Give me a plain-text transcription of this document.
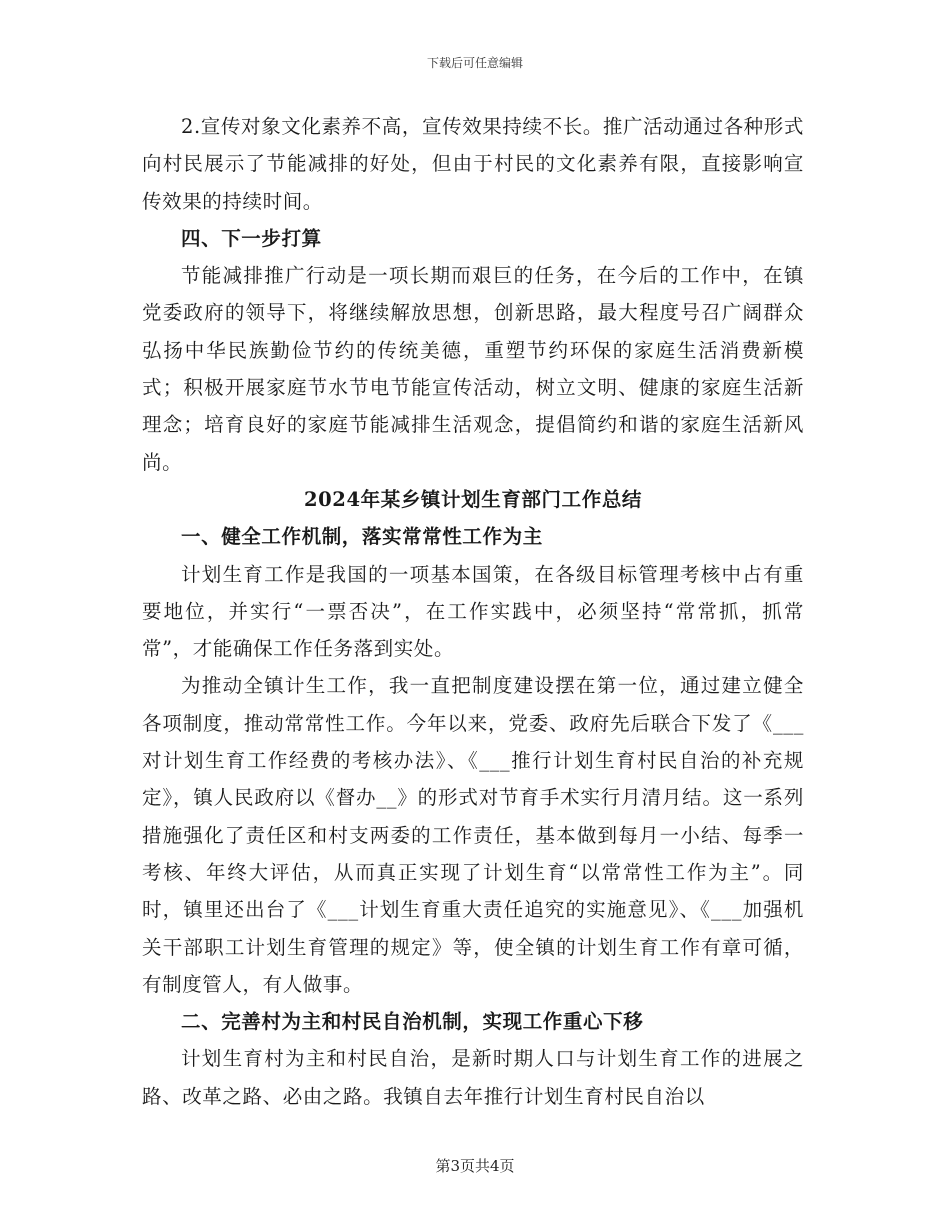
下载后可任意编辑

2.宣传对象文化素养不高，宣传效果持续不长。推广活动通过各种形式向村民展示了节能减排的好处，但由于村民的文化素养有限，直接影响宣传效果的持续时间。

四、下一步打算

节能减排推广行动是一项长期而艰巨的任务，在今后的工作中，在镇党委政府的领导下，将继续解放思想，创新思路，最大程度号召广阔群众弘扬中华民族勤俭节约的传统美德，重塑节约环保的家庭生活消费新模式；积极开展家庭节水节电节能宣传活动，树立文明、健康的家庭生活新理念；培育良好的家庭节能减排生活观念，提倡简约和谐的家庭生活新风尚。

2024年某乡镇计划生育部门工作总结

一、健全工作机制，落实常常性工作为主

计划生育工作是我国的一项基本国策，在各级目标管理考核中占有重要地位，并实行“一票否决”，在工作实践中，必须坚持“常常抓，抓常常”，才能确保工作任务落到实处。

为推动全镇计生工作，我一直把制度建设摆在第一位，通过建立健全各项制度，推动常常性工作。今年以来，党委、政府先后联合下发了《___对计划生育工作经费的考核办法》、《___推行计划生育村民自治的补充规定》，镇人民政府以《督办__》的形式对节育手术实行月清月结。这一系列措施强化了责任区和村支两委的工作责任，基本做到每月一小结、每季一考核、年终大评估，从而真正实现了计划生育“以常常性工作为主”。同时，镇里还出台了《___计划生育重大责任追究的实施意见》、《___加强机关干部职工计划生育管理的规定》等，使全镇的计划生育工作有章可循，有制度管人，有人做事。

二、完善村为主和村民自治机制，实现工作重心下移

计划生育村为主和村民自治，是新时期人口与计划生育工作的进展之路、改革之路、必由之路。我镇自去年推行计划生育村民自治以

第3页共4页
